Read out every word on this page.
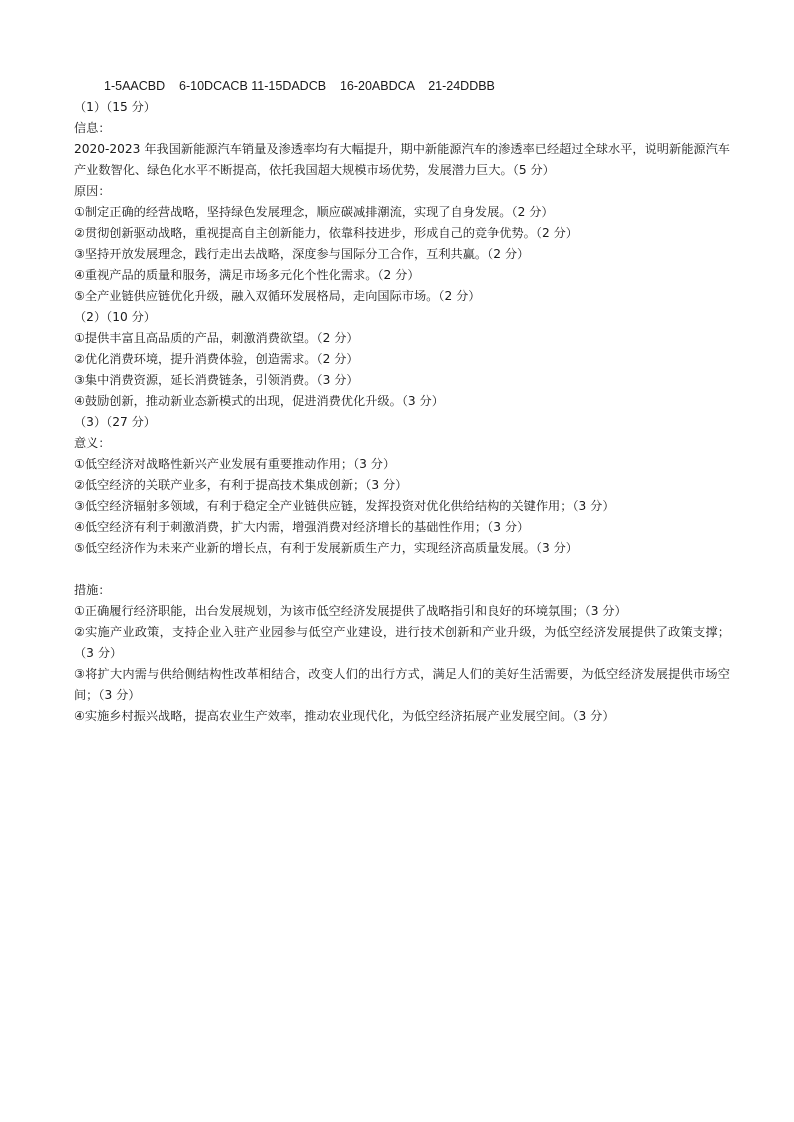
1-5AACBD    6-10DCACB 11-15DADCB    16-20ABDCA    21-24DDBB
（1）（15 分）
信息：
2020-2023 年我国新能源汽车销量及渗透率均有大幅提升，期中新能源汽车的渗透率已经超过全球水平，说明新能源汽车产业数智化、绿色化水平不断提高，依托我国超大规模市场优势，发展潜力巨大。（5 分）
原因：
①制定正确的经营战略，坚持绿色发展理念，顺应碳减排潮流，实现了自身发展。（2 分）
②贯彻创新驱动战略，重视提高自主创新能力，依靠科技进步，形成自己的竞争优势。（2 分）
③坚持开放发展理念，践行走出去战略，深度参与国际分工合作，互利共赢。（2 分）
④重视产品的质量和服务，满足市场多元化个性化需求。（2 分）
⑤全产业链供应链优化升级，融入双循环发展格局，走向国际市场。（2 分）
（2）（10 分）
①提供丰富且高品质的产品，刺激消费欲望。（2 分）
②优化消费环境，提升消费体验，创造需求。（2 分）
③集中消费资源，延长消费链条，引领消费。（3 分）
④鼓励创新，推动新业态新模式的出现，促进消费优化升级。（3 分）
（3）（27 分）
意义：
①低空经济对战略性新兴产业发展有重要推动作用；（3 分）
②低空经济的关联产业多，有利于提高技术集成创新；（3 分）
③低空经济辐射多领域，有利于稳定全产业链供应链，发挥投资对优化供给结构的关键作用；（3 分）
④低空经济有利于刺激消费，扩大内需，增强消费对经济增长的基础性作用；（3 分）
⑤低空经济作为未来产业新的增长点，有利于发展新质生产力，实现经济高质量发展。（3 分）
措施：
①正确履行经济职能，出台发展规划，为该市低空经济发展提供了战略指引和良好的环境氛围；（3 分）
②实施产业政策，支持企业入驻产业园参与低空产业建设，进行技术创新和产业升级，为低空经济发展提供了政策支撑；（3 分）
③将扩大内需与供给侧结构性改革相结合，改变人们的出行方式，满足人们的美好生活需要，为低空经济发展提供市场空间；（3 分）
④实施乡村振兴战略，提高农业生产效率，推动农业现代化，为低空经济拓展产业发展空间。（3 分）
